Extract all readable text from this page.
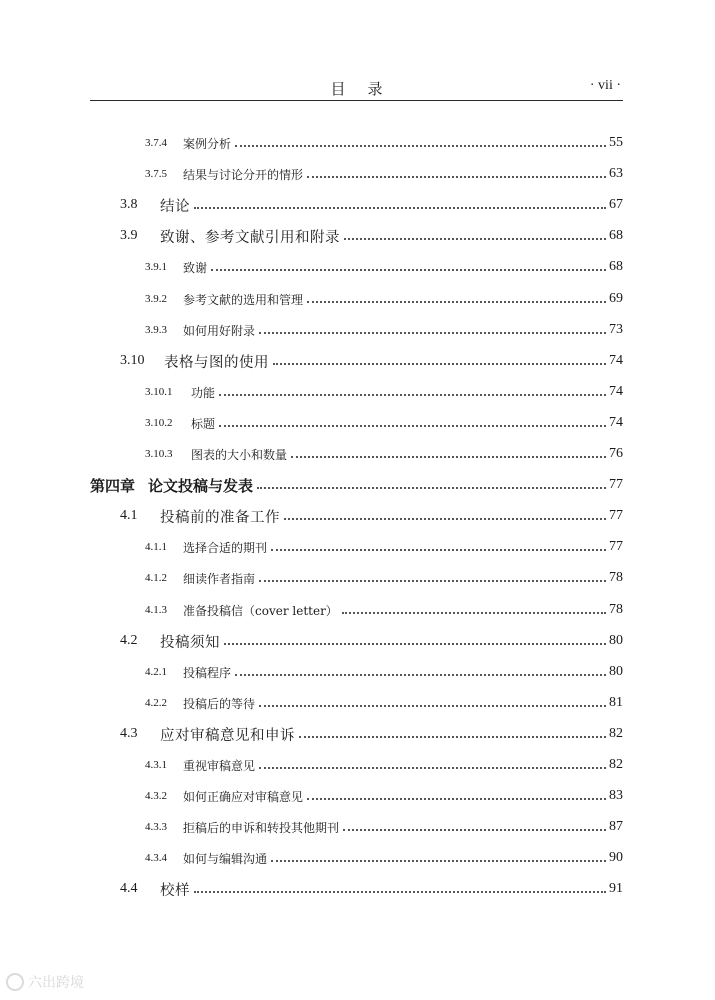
目录	· vii ·
3.7.4	案例分析	55
3.7.5	结果与讨论分开的情形	63
3.8	结论	67
3.9	致谢、参考文献引用和附录	68
3.9.1	致谢	68
3.9.2	参考文献的选用和管理	69
3.9.3	如何用好附录	73
3.10	表格与图的使用	74
3.10.1	功能	74
3.10.2	标题	74
3.10.3	图表的大小和数量	76
第四章 论文投稿与发表	77
4.1	投稿前的准备工作	77
4.1.1	选择合适的期刊	77
4.1.2	细读作者指南	78
4.1.3	准备投稿信（cover letter）	78
4.2	投稿须知	80
4.2.1	投稿程序	80
4.2.2	投稿后的等待	81
4.3	应对审稿意见和申诉	82
4.3.1	重视审稿意见	82
4.3.2	如何正确应对审稿意见	83
4.3.3	拒稿后的申诉和转投其他期刊	87
4.3.4	如何与编辑沟通	90
4.4	校样	91
六出跨境
